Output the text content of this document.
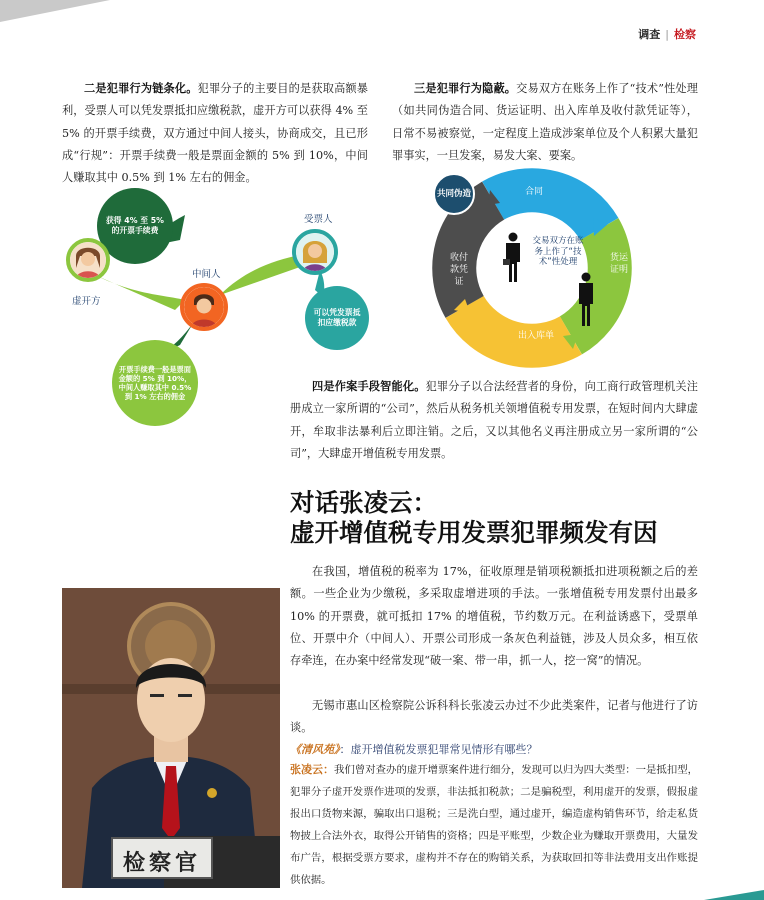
调查 | 检察

二是犯罪行为链条化。犯罪分子的主要目的是获取高额暴利，受票人可以凭发票抵扣应缴税款，虚开方可以获得 4% 至 5% 的开票手续费，双方通过中间人接头，协商成交，且已形成“行规”：开票手续费一般是票面金额的 5% 到 10%，中间人赚取其中 0.5% 到 1% 左右的佣金。

三是犯罪行为隐蔽。交易双方在账务上作了“技术”性处理（如共同伪造合同、货运证明、出入库单及收付款凭证等），日常不易被察觉，一定程度上造成涉案单位及个人积累大量犯罪事实，一旦发案，易发大案、要案。

获得 4% 至 5% 的开票手续费
虚开方
中间人
受票人
可以凭发票抵扣应缴税款
开票手续费一般是票面金额的 5% 到 10%，中间人赚取其中 0.5% 到 1% 左右的佣金
共同伪造	合同
货运证明
出入库单
收付款凭证
交易双方在账务上作了“技术”性处理

四是作案手段智能化。犯罪分子以合法经营者的身份，向工商行政管理机关注册成立一家所谓的“公司”，然后从税务机关领增值税专用发票，在短时间内大肆虚开，牟取非法暴利后立即注销。之后，又以其他名义再注册成立另一家所谓的“公司”，大肆虚开增值税专用发票。

对话张凌云：
虚开增值税专用发票犯罪频发有因

在我国，增值税的税率为 17%，征收原理是销项税额抵扣进项税额之后的差额。一些企业为少缴税，多采取虚增进项的手法。一张增值税专用发票付出最多 10% 的开票费，就可抵扣 17% 的增值税，节约数万元。在利益诱惑下，受票单位、开票中介（中间人）、开票公司形成一条灰色利益链，涉及人员众多，相互依存牵连，在办案中经常发现“破一案、带一串，抓一人，挖一窝”的情况。

无锡市惠山区检察院公诉科科长张凌云办过不少此类案件，记者与他进行了访谈。

检察官

《清风苑》：虚开增值税发票犯罪常见情形有哪些？

张凌云：我们曾对查办的虚开增票案件进行细分，发现可以归为四大类型：一是抵扣型，犯罪分子虚开发票作进项的发票，非法抵扣税款；二是骗税型，利用虚开的发票，假报虚报出口货物来源，骗取出口退税；三是洗白型，通过虚开，编造虚构销售环节，给走私货物披上合法外衣，取得公开销售的资格；四是平账型，少数企业为赚取开票费用，大量发布广告，根据受票方要求，虚构并不存在的购销关系，为获取回扣等非法费用支出作账提供依据。
